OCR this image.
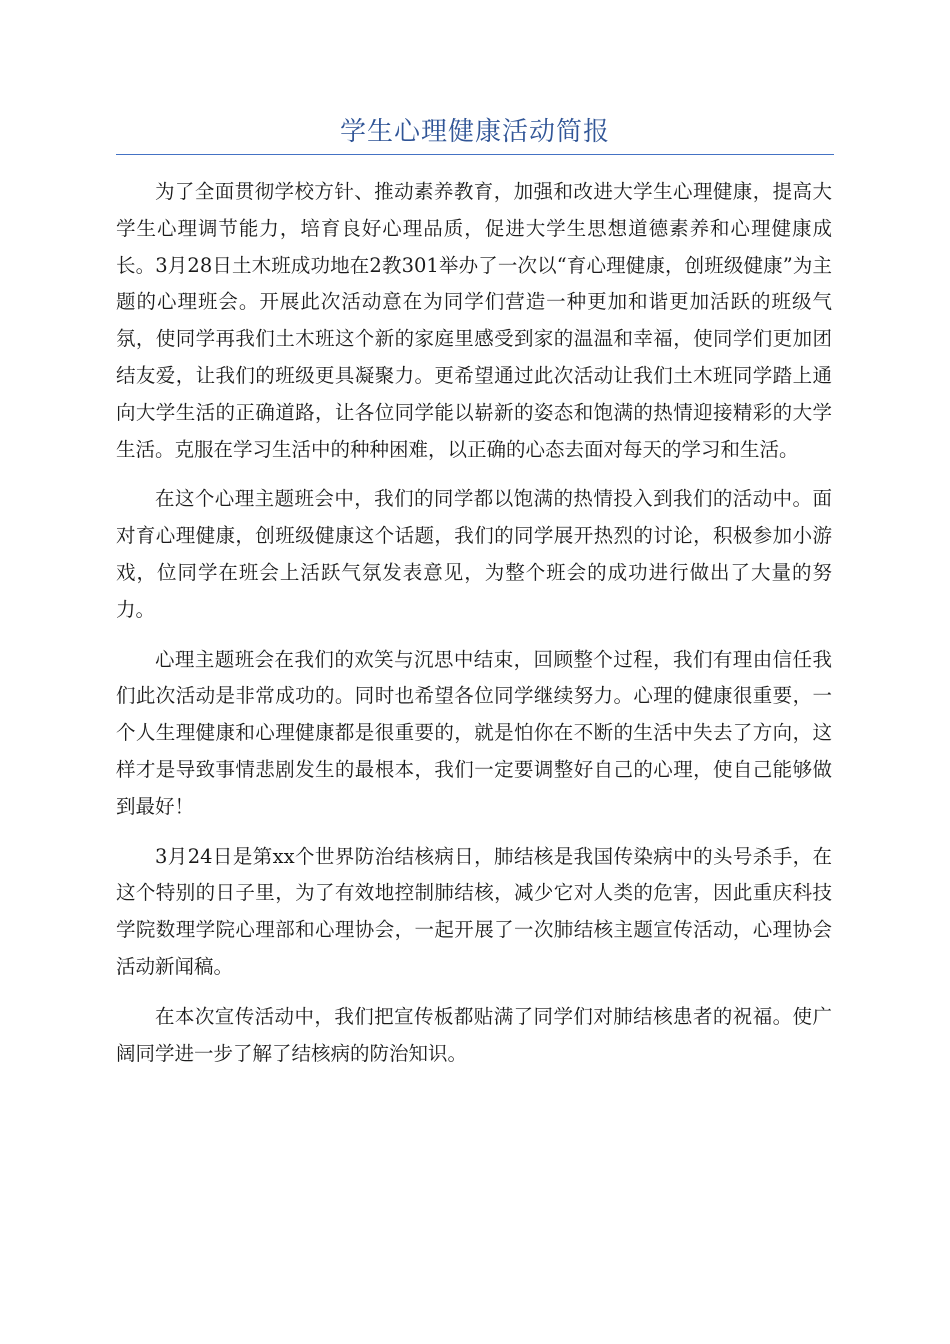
学生心理健康活动简报

为了全面贯彻学校方针、推动素养教育，加强和改进大学生心理健康，提高大学生心理调节能力，培育良好心理品质，促进大学生思想道德素养和心理健康成长。3月28日土木班成功地在2教301举办了一次以“育心理健康，创班级健康”为主题的心理班会。开展此次活动意在为同学们营造一种更加和谐更加活跃的班级气氛，使同学再我们土木班这个新的家庭里感受到家的温温和幸福，使同学们更加团结友爱，让我们的班级更具凝聚力。更希望通过此次活动让我们土木班同学踏上通向大学生活的正确道路，让各位同学能以崭新的姿态和饱满的热情迎接精彩的大学生活。克服在学习生活中的种种困难，以正确的心态去面对每天的学习和生活。

在这个心理主题班会中，我们的同学都以饱满的热情投入到我们的活动中。面对育心理健康，创班级健康这个话题，我们的同学展开热烈的讨论，积极参加小游戏，位同学在班会上活跃气氛发表意见，为整个班会的成功进行做出了大量的努力。

心理主题班会在我们的欢笑与沉思中结束，回顾整个过程，我们有理由信任我们此次活动是非常成功的。同时也希望各位同学继续努力。心理的健康很重要，一个人生理健康和心理健康都是很重要的，就是怕你在不断的生活中失去了方向，这样才是导致事情悲剧发生的最根本，我们一定要调整好自己的心理，使自己能够做到最好！

3月24日是第xx个世界防治结核病日，肺结核是我国传染病中的头号杀手，在这个特别的日子里，为了有效地控制肺结核，减少它对人类的危害，因此重庆科技学院数理学院心理部和心理协会，一起开展了一次肺结核主题宣传活动，心理协会活动新闻稿。

在本次宣传活动中，我们把宣传板都贴满了同学们对肺结核患者的祝福。使广阔同学进一步了解了结核病的防治知识。
